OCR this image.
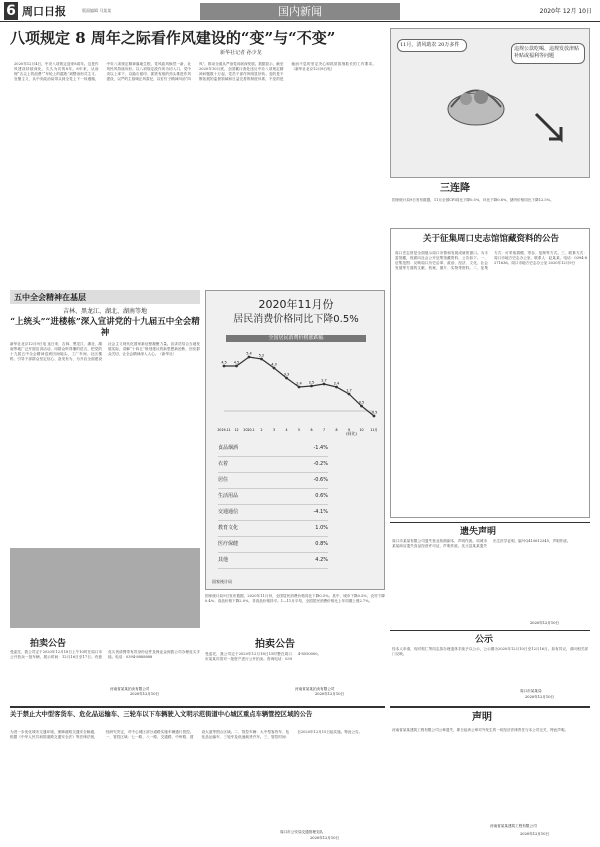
6 周口日报	版面编辑 马某某	国内新闻	2020年 12月 10日
八项规定 8 周年之际看作风建设的“变”与“不变”
新华社记者 孙少龙
2020年12月4日，中央八项规定迎来8周年。这是作风建设持续深化、久久为功的8年。8年来，从治理“舌尖上的浪费”“车轮上的腐败”到整治形式主义、官僚主义，从中央政治局带头到全党上下一体遵循，中央八项规定精神落地生根，党风政风焕然一新，社风民风持续向好。以八项规定改作风为切入口，党中央以上率下、以踏石留印、抓铁有痕的劲头推进作风建设，以严的主基调正风肃纪，以钉钉子精神纠治“四风”，推动全面从严治党向纵深发展。数据显示，截至2020年10月底，全国累计查处违反中央八项规定精神问题数十万起，党员干部作风明显好转。变的是不断拓展的监督领域和日益完善的制度体系，不变的是驰而不息的坚定决心和抓常抓细抓长的工作要求。（新华社北京12月8日电）
11月，清风助农 20万多件
违规公款吃喝、违规发放津贴补贴或福利等问题
三连降
国家统计局9日发布数据，11月全国CPI同比下降0.5%，环比下降0.6%，猪肉价格同比下降12.5%。
关于征集周口史志馆馆藏资料的公告
周口史志馆是全面展示周口市情和发展成就的窗口。为丰富馆藏，现面向社会公开征集馆藏资料，公告如下。一、征集范围：反映周口历史沿革、政治、经济、文化、社会发展等方面的文献、档案、图片、实物等资料。二、征集方式：可采取捐赠、寄存、复制等方式。三、联系方式：周口市地方史志办公室，联系人：赵某某，电话：0394-8271636。周口市地方史志办公室 2020年12月9日
五中全会精神在基层
吉林、黑龙江、湖北、湖南等地
“上统头”“进楼栋”深入宣讲党的十九届五中全会精神
新华社北京12月9日电 连日来，吉林、黑龙江、湖北、湖南等地广泛开展宣讲活动，用群众听得懂的语言，把党的十九届五中全会精神送到田间地头、工厂车间、社区楼栋，引导干部群众坚定信心、奋发有为，为开启全面建设社会主义现代化国家新征程凝聚力量。宣讲员结合当地发展实际，讲解“十四五”规划建议的新思想新论断，回应群众关切，让全会精神深入人心。（新华社）
2020年11月份
居民消费价格同比下降0.5%
全国居民消费价格涨跌幅
4.5
2019.11
4.5
12
5.4
2020.1
5.2
2
4.3
3
3.3
4
2.4
5
2.5
6
2.7
7
2.4
8
1.7
9
0.5
10
-0.5
11月
(同比)
食品烟酒	-1.4%
衣着	-0.2%
居住	-0.6%
生活用品	0.6%
交通通信	-4.1%
教育文化	1.0%
医疗保健	0.8%
其他	4.2%
国家统计局
国家统计局9日发布数据，2020年11月份，全国居民消费价格同比下降0.5%。其中，城市下降0.5%，农村下降0.4%；食品价格下降2.0%，非食品价格持平。1—11月平均，全国居民消费价格比上年同期上涨2.7%。
拍卖公告
受委托，我公司定于2020年12月18日上午10时在周口市公开拍卖一批车辆，展示时间：12月16日至17日。有意竞买者请携带有效身份证件及保证金到我公司办理竞买手续。电话：0394-8888888
河南省某某拍卖有限公司
2020年12月10日
拍卖公告
受委托，我公司定于2020年12月18日15时整在周口市某某宾馆对一批资产进行公开拍卖。咨询电话：0394-8550000。
河南省某某拍卖有限公司
2020年12月10日
遗失声明
周口市某某有限公司遗失营业执照副本，声明作废。项城市某某商店遗失食品经营许可证，声明作废。沈丘县某某遗失出生医学证明，编号Q410612345，声明作废。
2020年12月10日
公示
经本人申请，现对郭仁等同志拟办理退休手续予以公示，公示期为2020年12月10日至12月16日。如有异议，请向相关部门反映。
周口市某某局
2020年12月10日
关于禁止大中型客货车、危化品运输车、三轮车以下车辆驶入文明示范街道中心城区重点车辆管控区域的公告
为进一步优化城市交通环境，保障道路交通安全畅通，根据《中华人民共和国道路交通安全法》等法律法规，经研究决定，对中心城区部分道路实施车辆通行管控。一、管控区域：七一路、八一路、交通路、中州路、建设大道等围合区域。二、管控车辆：大中型客货车、危化品运输车、三轮车及低速载货汽车。三、管控时间：自2020年12月15日起实施。特此公告。
周口市公安局交通管理支队
2020年12月10日
声明
河南省某某建筑工程有限公司公章遗失，即日起该公章对外发生的一切经济法律责任与本公司无关，特此声明。
河南省某某建筑工程有限公司
2020年12月10日
